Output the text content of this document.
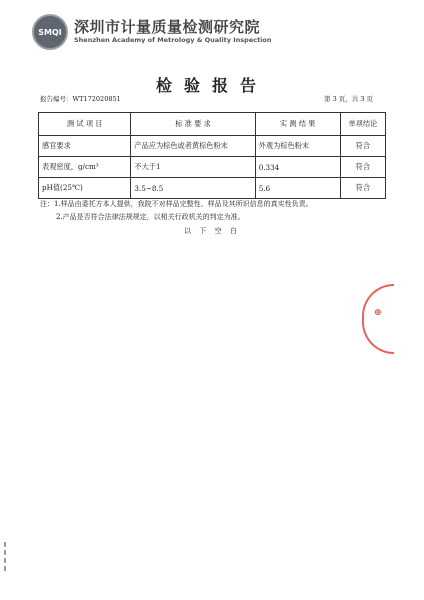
SMQI 深圳市计量质量检测研究院
Shenzhen Academy of Metrology & Quality Inspection
检验报告
报告编号：WT172020851	第 3 页，共 3 页
测 试 项 目	标 准 要 求	实 测 结 果	单项结论
感官要求	产品应为棕色或者黄棕色粉末	外观为棕色粉末	符合
表观密度，g/cm³	不大于1	0.334	符合
pH值(25℃)	3.5~8.5	5.6	符合
注：1.样品由委托方本人提供，我院不对样品完整性、样品及其所识信息的真实性负责。
2.产品是否符合法律法规规定，以相关行政机关的判定为准。
以 下 空 白
⊕
